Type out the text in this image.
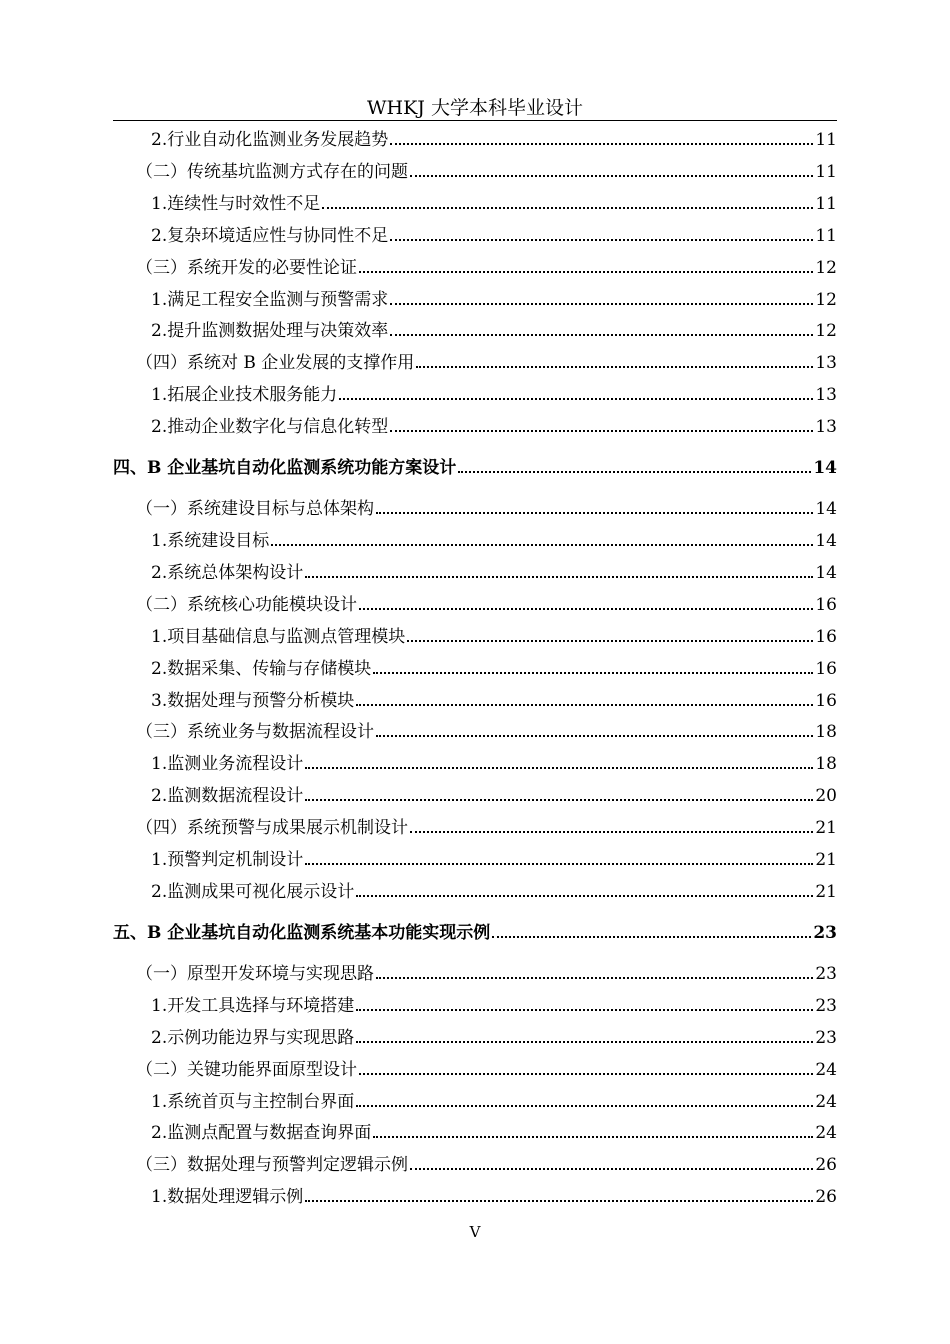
WHKJ 大学本科毕业设计
2.行业自动化监测业务发展趋势	11
（二）传统基坑监测方式存在的问题	11
1.连续性与时效性不足	11
2.复杂环境适应性与协同性不足	11
（三）系统开发的必要性论证	12
1.满足工程安全监测与预警需求	12
2.提升监测数据处理与决策效率	12
（四）系统对 B 企业发展的支撑作用	13
1.拓展企业技术服务能力	13
2.推动企业数字化与信息化转型	13
四、B 企业基坑自动化监测系统功能方案设计	14
（一）系统建设目标与总体架构	14
1.系统建设目标	14
2.系统总体架构设计	14
（二）系统核心功能模块设计	16
1.项目基础信息与监测点管理模块	16
2.数据采集、传输与存储模块	16
3.数据处理与预警分析模块	16
（三）系统业务与数据流程设计	18
1.监测业务流程设计	18
2.监测数据流程设计	20
（四）系统预警与成果展示机制设计	21
1.预警判定机制设计	21
2.监测成果可视化展示设计	21
五、B 企业基坑自动化监测系统基本功能实现示例	23
（一）原型开发环境与实现思路	23
1.开发工具选择与环境搭建	23
2.示例功能边界与实现思路	23
（二）关键功能界面原型设计	24
1.系统首页与主控制台界面	24
2.监测点配置与数据查询界面	24
（三）数据处理与预警判定逻辑示例	26
1.数据处理逻辑示例	26
V
